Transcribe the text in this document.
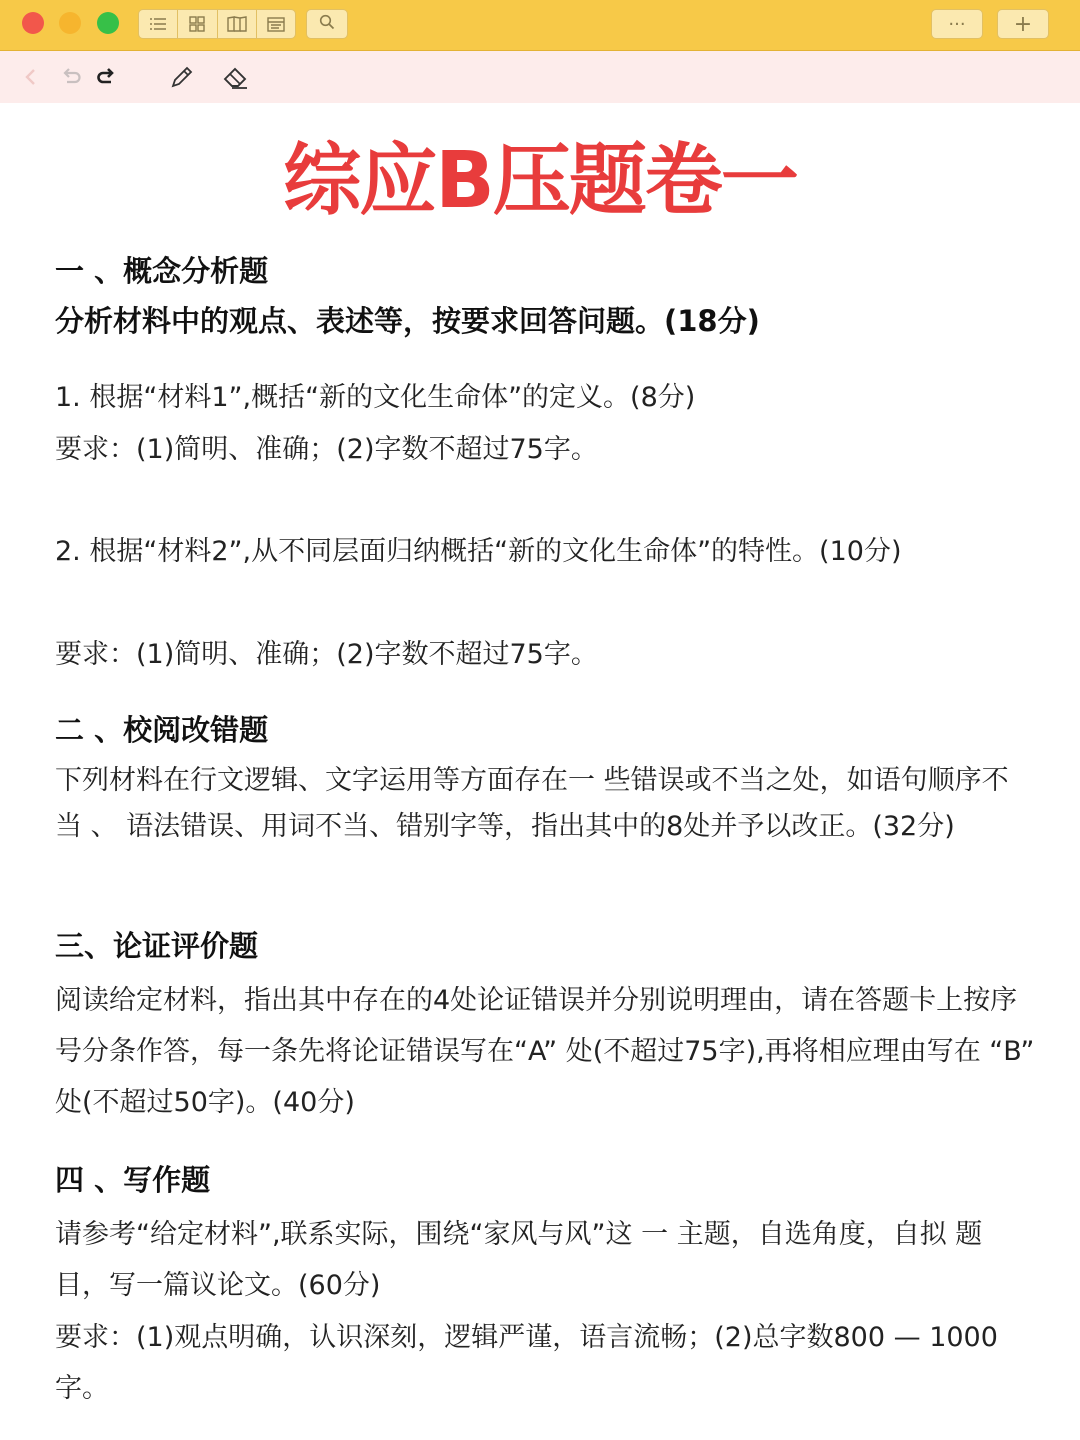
···	+
综应B压题卷一

一 、概念分析题

分析材料中的观点、表述等，按要求回答问题。(18分)

1. 根据“材料1”,概括“新的文化生命体”的定义。(8分)

要求：(1)简明、准确；(2)字数不超过75字。

2. 根据“材料2”,从不同层面归纳概括“新的文化生命体”的特性。(10分)

要求：(1)简明、准确；(2)字数不超过75字。

二 、校阅改错题

下列材料在行文逻辑、文字运用等方面存在一 些错误或不当之处，如语句顺序不当 、 语法错误、用词不当、错别字等，指出其中的8处并予以改正。(32分)

三、论证评价题

阅读给定材料，指出其中存在的4处论证错误并分别说明理由，请在答题卡上按序 号分条作答，每一条先将论证错误写在“A” 处(不超过75字),再将相应理由写在 “B” 处(不超过50字)。(40分)

四 、写作题

请参考“给定材料”,联系实际，围绕“家风与风”这 一 主题，自选角度，自拟 题目，写一篇议论文。(60分)

要求：(1)观点明确，认识深刻，逻辑严谨，语言流畅；(2)总字数800 — 1000字。
